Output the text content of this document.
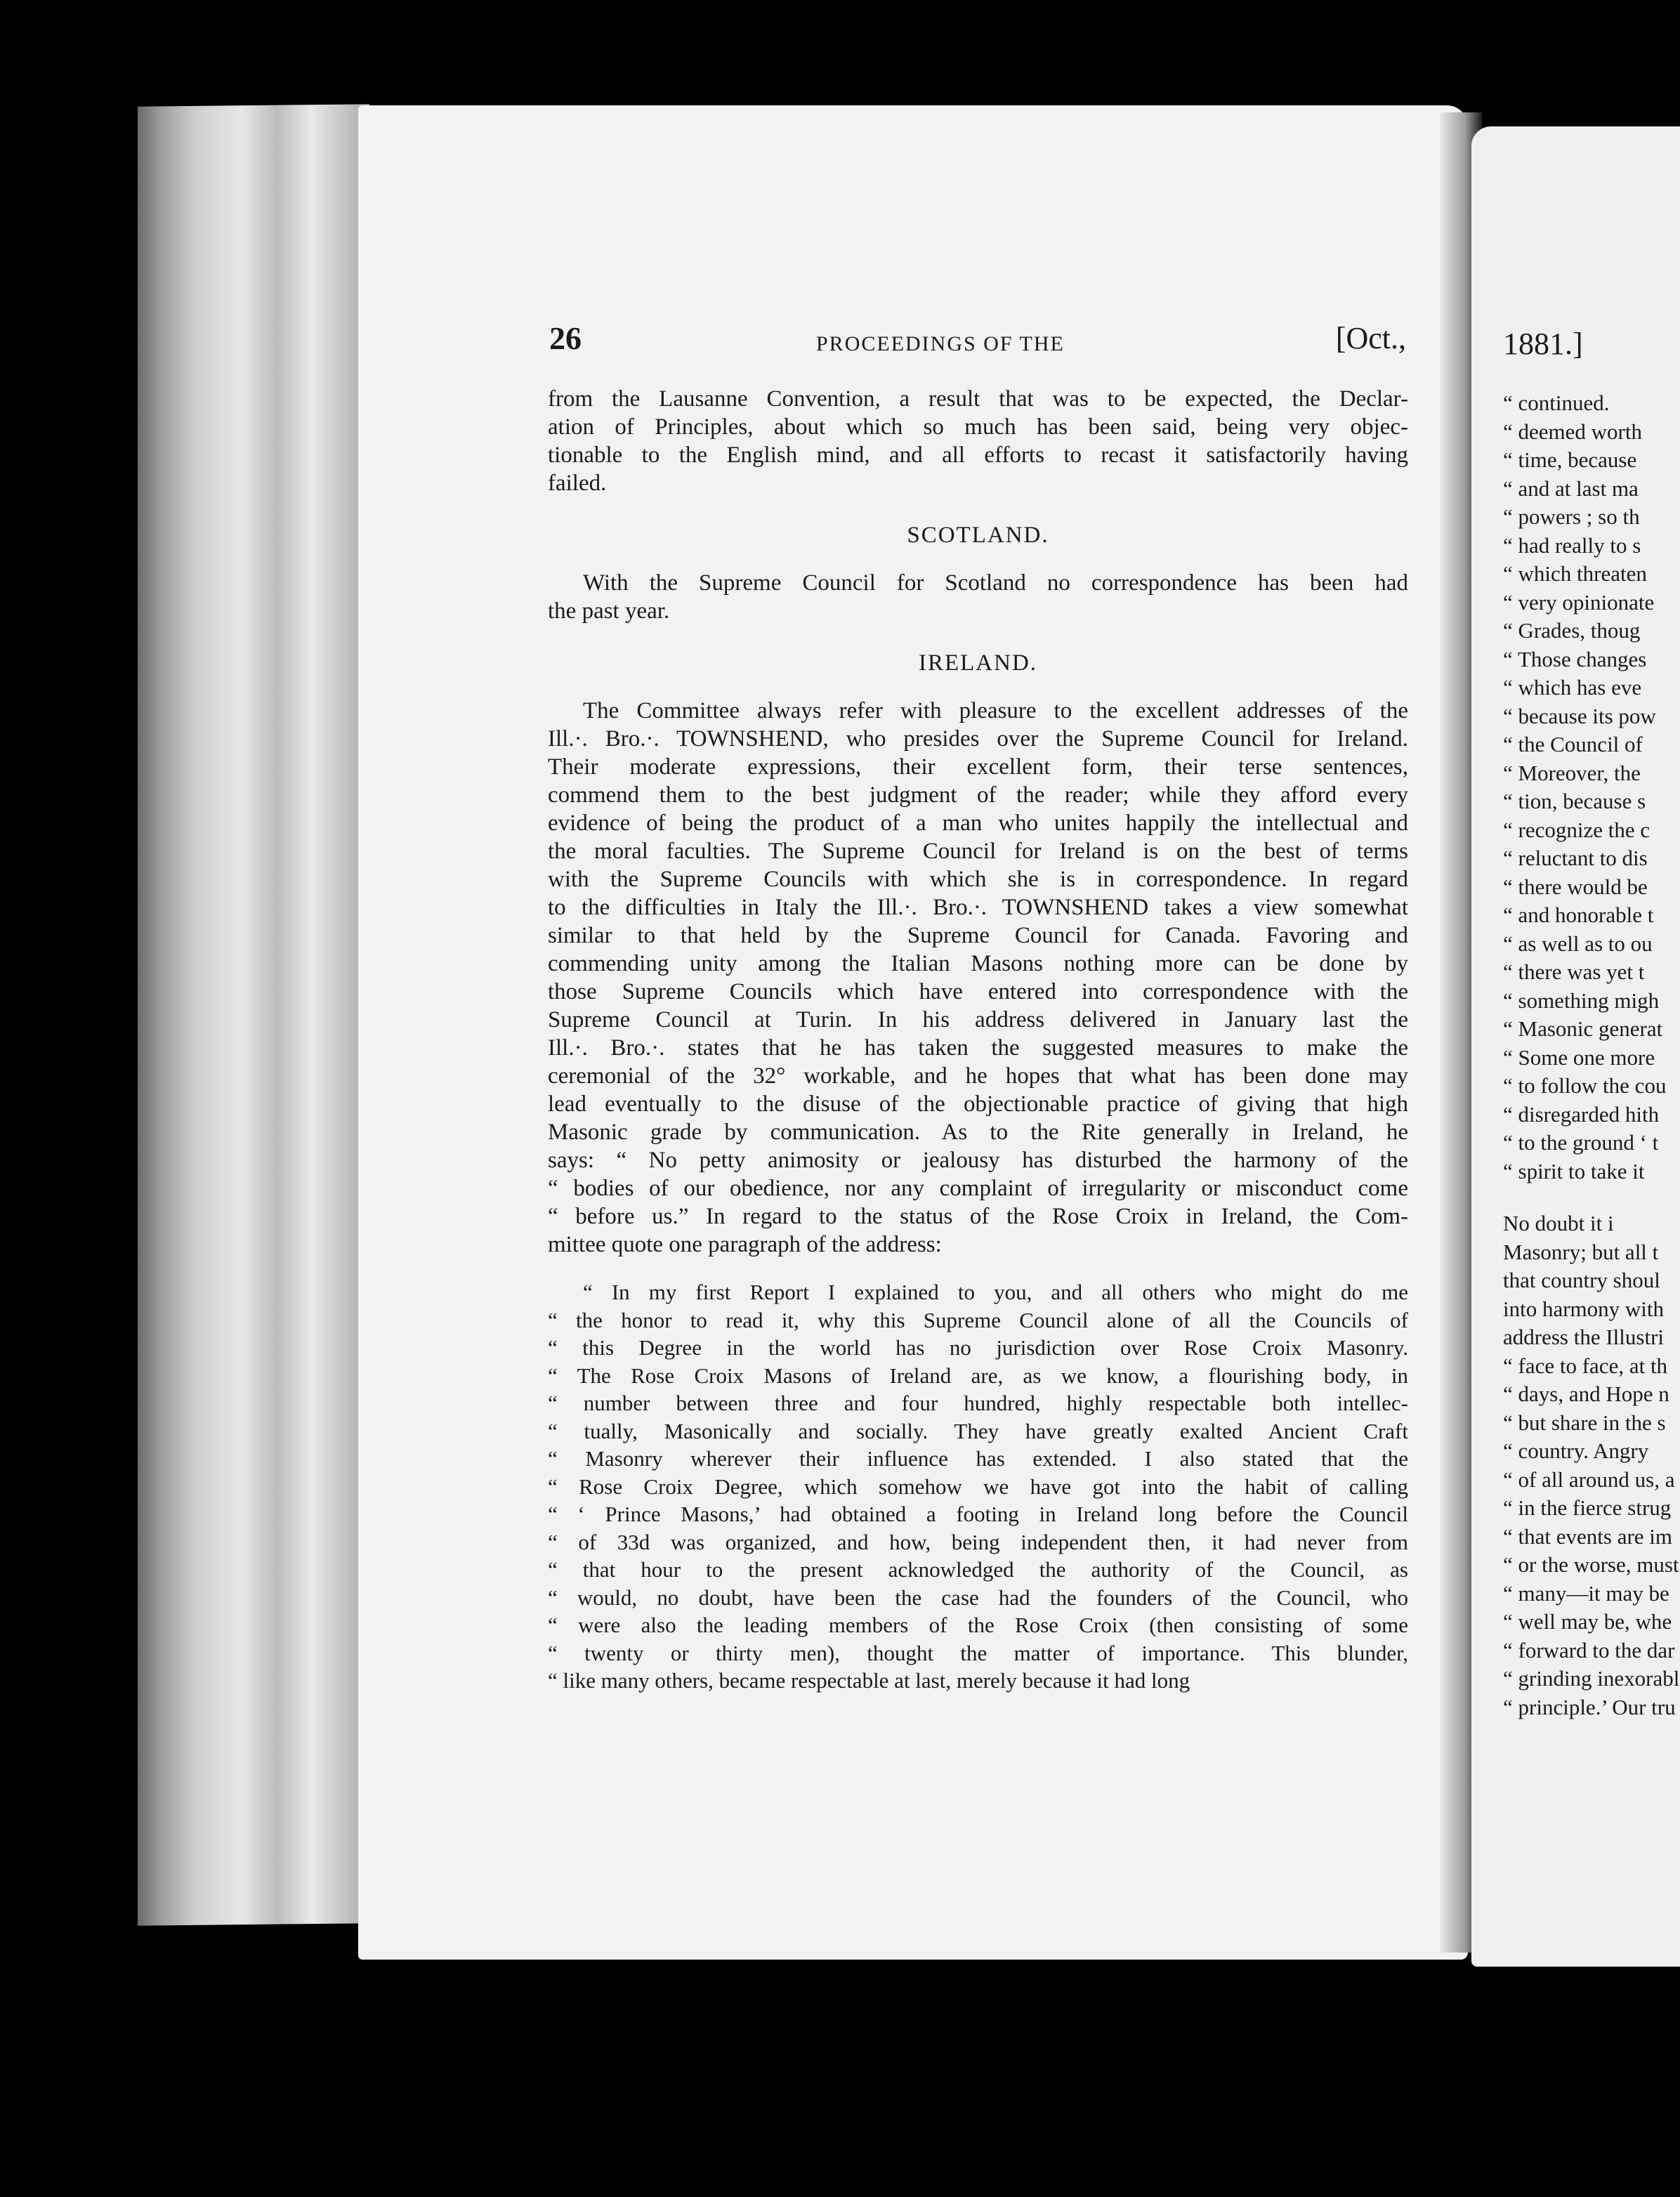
26	PROCEEDINGS OF THE	[Oct.,
from the Lausanne Convention, a result that was to be expected, the Declar-
ation of Principles, about which so much has been said, being very objec-
tionable to the English mind, and all efforts to recast it satisfactorily having
failed.
SCOTLAND.
With the Supreme Council for Scotland no correspondence has been had
the past year.
IRELAND.
The Committee always refer with pleasure to the excellent addresses of the
Ill.·. Bro.·. TOWNSHEND, who presides over the Supreme Council for Ireland.
Their moderate expressions, their excellent form, their terse sentences,
commend them to the best judgment of the reader; while they afford every
evidence of being the product of a man who unites happily the intellectual and
the moral faculties. The Supreme Council for Ireland is on the best of terms
with the Supreme Councils with which she is in correspondence. In regard
to the difficulties in Italy the Ill.·. Bro.·. TOWNSHEND takes a view somewhat
similar to that held by the Supreme Council for Canada. Favoring and
commending unity among the Italian Masons nothing more can be done by
those Supreme Councils which have entered into correspondence with the
Supreme Council at Turin. In his address delivered in January last the
Ill.·. Bro.·. states that he has taken the suggested measures to make the
ceremonial of the 32° workable, and he hopes that what has been done may
lead eventually to the disuse of the objectionable practice of giving that high
Masonic grade by communication. As to the Rite generally in Ireland, he
says: “ No petty animosity or jealousy has disturbed the harmony of the
“ bodies of our obedience, nor any complaint of irregularity or misconduct come
“ before us.” In regard to the status of the Rose Croix in Ireland, the Com-
mittee quote one paragraph of the address:
“ In my first Report I explained to you, and all others who might do me
“ the honor to read it, why this Supreme Council alone of all the Councils of
“ this Degree in the world has no jurisdiction over Rose Croix Masonry.
“ The Rose Croix Masons of Ireland are, as we know, a flourishing body, in
“ number between three and four hundred, highly respectable both intellec-
“ tually, Masonically and socially. They have greatly exalted Ancient Craft
“ Masonry wherever their influence has extended. I also stated that the
“ Rose Croix Degree, which somehow we have got into the habit of calling
“ ‘ Prince Masons,’ had obtained a footing in Ireland long before the Council
“ of 33d was organized, and how, being independent then, it had never from
“ that hour to the present acknowledged the authority of the Council, as
“ would, no doubt, have been the case had the founders of the Council, who
“ were also the leading members of the Rose Croix (then consisting of some
“ twenty or thirty men), thought the matter of importance. This blunder,
“ like many others, became respectable at last, merely because it had long
1881.]
“ continued.
“ deemed worth
“ time, because
“ and at last ma
“ powers ; so th
“ had really to s
“ which threaten
“ very opinionate
“ Grades, thoug
“ Those changes
“ which has eve
“ because its pow
“ the Council of
“ Moreover, the
“ tion, because s
“ recognize the c
“ reluctant to dis
“ there would be
“ and honorable t
“ as well as to ou
“ there was yet t
“ something migh
“ Masonic generat
“ Some one more
“ to follow the cou
“ disregarded hith
“ to the ground ‘ t
“ spirit to take it
No doubt it i
Masonry; but all t
that country shoul
into harmony with
address the Illustri
“ face to face, at th
“ days, and Hope n
“ but share in the s
“ country. Angry
“ of all around us, a
“ in the fierce strug
“ that events are im
“ or the worse, must
“ many—it may be
“ well may be, whe
“ forward to the dar
“ grinding inexorabl
“ principle.’ Our tru
